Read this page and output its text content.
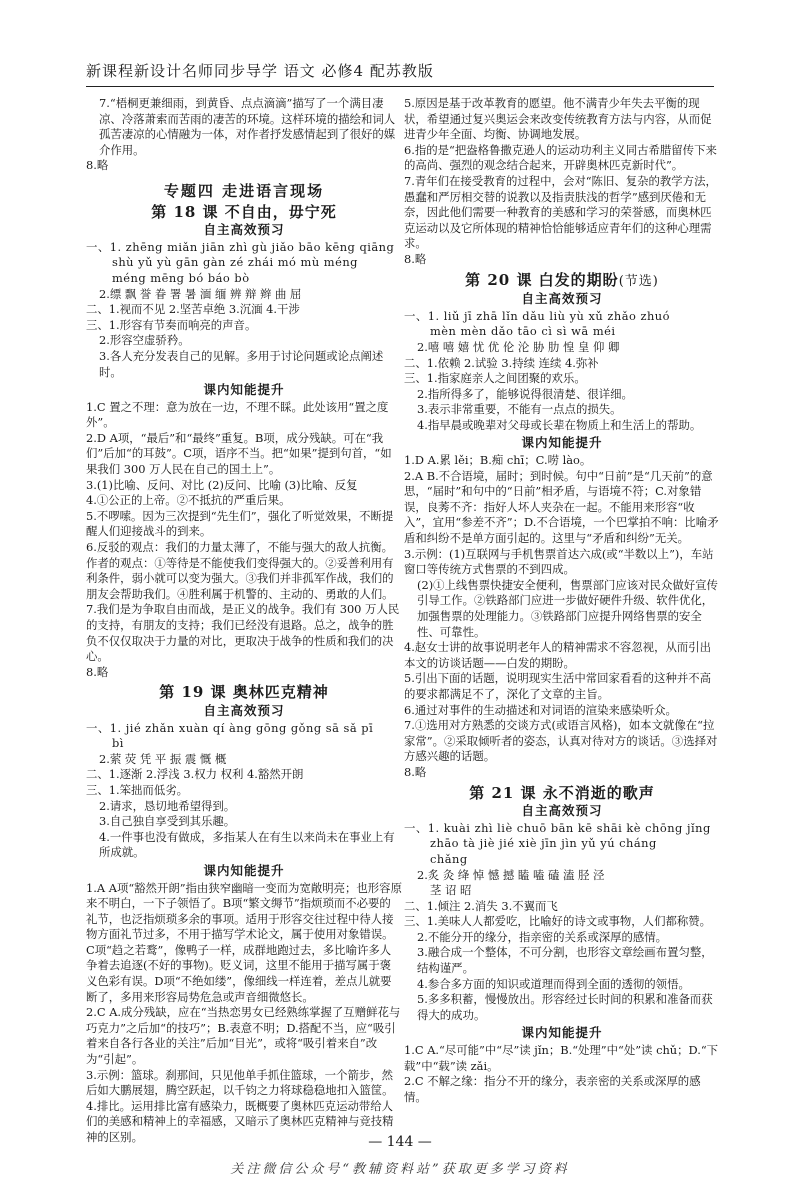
新课程新设计名师同步导学 语文 必修4 配苏教版

7.“梧桐更兼细雨，到黄昏、点点滴滴”描写了一个满目凄凉、冷落萧索而苦雨的凄苦的环境。这样环境的描绘和词人孤苦凄凉的心情融为一体，对作者抒发感情起到了很好的媒介作用。

8.略

专题四 走进语言现场
第 18 课 不自由，毋宁死
自主高效预习

一、1. zhēng miǎn jiān zhì gù jiǎo bāo kēng qiāng

shù yǔ yù gān gàn zé zhái mó mù méng

méng mēng bó báo bò

2.缥 飘 誉 眷 署 暑 湎 缅 辨 辩 辫 曲 屈

二、1.视而不见 2.坚苦卓绝 3.沉湎 4.干涉

三、1.形容有节奏而响亮的声音。

2.形容空虚骄矜。

3.各人充分发表自己的见解。多用于讨论问题或论点阐述时。

课内知能提升

1.C 置之不理：意为放在一边，不理不睬。此处该用“置之度外”。

2.D A项，“最后”和“最终”重复。B项，成分残缺。可在“我们”后加“的耳鼓”。C项，语序不当。把“如果”提到句首，“如果我们 300 万人民在自己的国土上”。

3.(1)比喻、反问、对比 (2)反问、比喻 (3)比喻、反复

4.①公正的上帝。②不抵抗的严重后果。

5.不啰嗦。因为三次提到“先生们”，强化了听觉效果，不断提醒人们迎接战斗的到来。

6.反驳的观点：我们的力量太薄了，不能与强大的敌人抗衡。作者的观点：①等待是不能使我们变得强大的。②妥善利用有利条件，弱小就可以变为强大。③我们并非孤军作战，我们的朋友会帮助我们。④胜利属于机警的、主动的、勇敢的人们。

7.我们是为争取自由而战，是正义的战争。我们有 300 万人民的支持，有朋友的支持；我们已经没有退路。总之，战争的胜负不仅仅取决于力量的对比，更取决于战争的性质和我们的决心。

8.略

第 19 课 奥林匹克精神
自主高效预习

一、1. jié zhǎn xuàn qí àng gōng gǒng sā sǎ pī

bì

2.萦 荧 凭 平 振 震 慨 概

二、1.逐渐 2.浮浅 3.权力 权利 4.豁然开朗

三、1.笨拙而低劣。

2.请求，恳切地希望得到。

3.自己独自享受到其乐趣。

4.一件事也没有做成，多指某人在有生以来尚未在事业上有所成就。

课内知能提升

1.A A项“豁然开朗”指由狭窄幽暗一变而为宽敞明亮；也形容原来不明白，一下子领悟了。B项“繁文缛节”指烦琐而不必要的礼节，也泛指烦琐多余的事项。适用于形容交往过程中待人接物方面礼节过多，不用于描写学术论文，属于使用对象错误。C项“趋之若鹜”，像鸭子一样，成群地跑过去，多比喻许多人争着去追逐(不好的事物)。贬义词，这里不能用于描写属于褒义色彩有误。D项“不绝如缕”，像细线一样连着，差点儿就要断了，多用来形容局势危急或声音细微悠长。

2.C A.成分残缺，应在“当热恋男女已经熟练掌握了互赠鲜花与巧克力”之后加“的技巧”；B.表意不明；D.搭配不当，应“吸引着来自各行各业的关注”后加“目光”，或将“吸引着来自”改为“引起”。

3.示例：篮球。刹那间，只见他单手抓住篮球，一个箭步，然后如大鹏展翅，腾空跃起，以千钧之力将球稳稳地扣入篮筐。

4.排比。运用排比富有感染力，既概要了奥林匹克运动带给人们的美感和精神上的幸福感，又暗示了奥林匹克精神与竞技精神的区别。

5.原因是基于改革教育的愿望。他不满青少年失去平衡的现状，希望通过复兴奥运会来改变传统教育方法与内容，从而促进青少年全面、均衡、协调地发展。

6.指的是“把盎格鲁撒克逊人的运动功利主义同古希腊留传下来的高尚、强烈的观念结合起来，开辟奥林匹克新时代”。

7.青年们在接受教育的过程中，会对“陈旧、复杂的教学方法，愚蠢和严厉相交替的说教以及指责肤浅的哲学”感到厌倦和无奈，因此他们需要一种教育的美感和学习的荣誉感，而奥林匹克运动以及它所体现的精神恰恰能够适应青年们的这种心理需求。

8.略

第 20 课 白发的期盼(节选)
自主高效预习

一、1. liǔ jī zhā lǐn dǎu liù yù xǔ zhǎo zhuó

mèn mèn dǎo tāo cì sì wā méi

2.嘻 嘻 嬉 忧 优 伦 沦 胁 肋 惶 皇 仰 卿

二、1.依赖 2.试验 3.持续 连续 4.弥补

三、1.指家庭亲人之间团聚的欢乐。

2.指所得多了，能够说得很清楚、很详细。

3.表示非常重要，不能有一点点的损失。

4.指早晨或晚辈对父母或长辈在物质上和生活上的帮助。

课内知能提升

1.D A.累 lěi；B.痴 chī；C.唠 lào。

2.A B.不合语境，届时；到时候。句中“日前”是“几天前”的意思，“届时”和句中的“日前”相矛盾，与语境不符；C.对象错误，良莠不齐：指好人坏人夹杂在一起。不能用来形容“收入”，宜用“参差不齐”；D.不合语境，一个巴掌拍不响：比喻矛盾和纠纷不是单方面引起的。这里与“矛盾和纠纷”无关。

3.示例：(1)互联网与手机售票首达六成(或“半数以上”)，车站窗口等传统方式售票的不到四成。

(2)①上线售票快捷安全便利，售票部门应该对民众做好宣传引导工作。②铁路部门应进一步做好硬件升级、软件优化，加强售票的处理能力。③铁路部门应提升网络售票的安全性、可靠性。

4.赵女士讲的故事说明老年人的精神需求不容忽视，从而引出本文的访谈话题——白发的期盼。

5.引出下面的话题，说明现实生活中常回家看看的这种并不高的要求都满足不了，深化了文章的主旨。

6.通过对事件的生动描述和对词语的渲染来感染听众。

7.①选用对方熟悉的交谈方式(或语言风格)，如本文就像在“拉家常”。②采取倾听者的姿态，认真对待对方的谈话。③选择对方感兴趣的话题。

8.略

第 21 课 永不消逝的歌声
自主高效预习

一、1. kuài zhì liè chuō bān kē shāi kè chōng jǐng

zhāo tà jiè jié xiè jīn jìn yǔ yú cháng

chǎng

2.炙 灸 绛 悼 憾 撼 瞌 嗑 磕 溘 胫 泾

茎 诏 昭

二、1.倾注 2.消失 3.不翼而飞

三、1.美味人人都爱吃，比喻好的诗文或事物，人们都称赞。

2.不能分开的缘分，指亲密的关系或深厚的感情。

3.融合成一个整体，不可分割，也形容文章绘画布置匀整，结构谨严。

4.参合多方面的知识或道理而得到全面的透彻的领悟。

5.多多积蓄，慢慢放出。形容经过长时间的积累和准备而获得大的成功。

课内知能提升

1.C A.“尽可能”中“尽”读 jǐn；B.“处理”中“处”读 chǔ；D.“下载”中“载”读 zǎi。

2.C 不解之缘：指分不开的缘分，表亲密的关系或深厚的感情。

— 144 —
关注微信公众号“教辅资料站”获取更多学习资料
